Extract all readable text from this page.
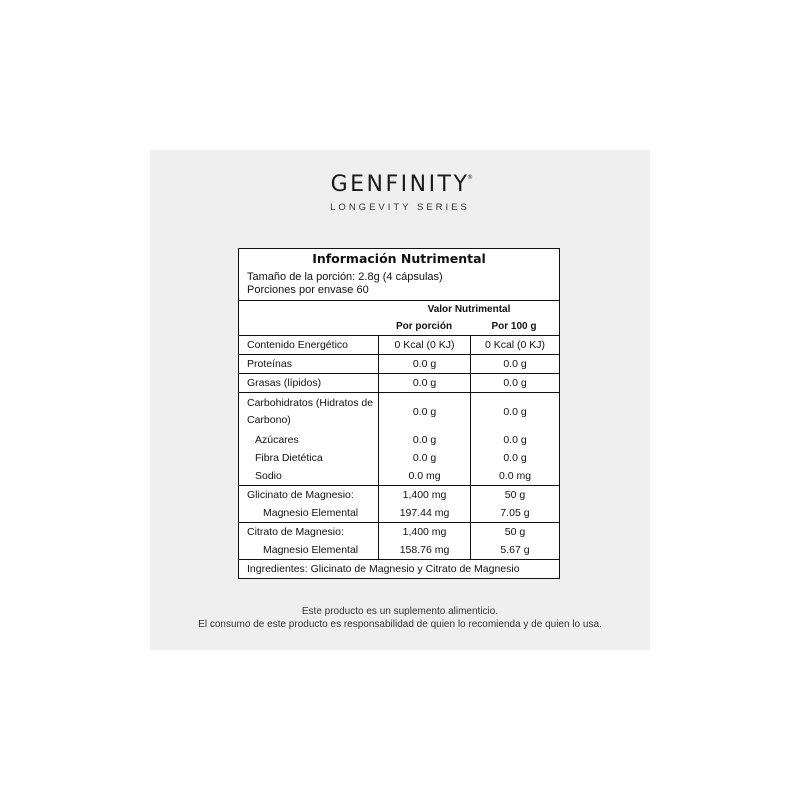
GENFINITY
®
LONGEVITY SERIES
Información Nutrimental
Tamaño de la porción: 2.8g (4 cápsulas)
Porciones por envase 60
Valor Nutrimental
Por porción	Por 100 g
Contenido Energético	0 Kcal (0 KJ)	0 Kcal (0 KJ)
Proteínas	0.0 g	0.0 g
Grasas (lípidos)	0.0 g	0.0 g
Carbohidratos (Hidratos de Carbono)
0.0 g	0.0 g
Azúcares	0.0 g	0.0 g
Fibra Dietética	0.0 g	0.0 g
Sodio	0.0 mg	0.0 mg
Glicinato de Magnesio:	1,400 mg	50 g
Magnesio Elemental	197.44 mg	7.05 g
Citrato de Magnesio:	1,400 mg	50 g
Magnesio Elemental	158.76 mg	5.67 g
Ingredientes: Glicinato de Magnesio y Citrato de Magnesio
Este producto es un suplemento alimenticio.
El consumo de este producto es responsabilidad de quien lo recomienda y de quien lo usa.
